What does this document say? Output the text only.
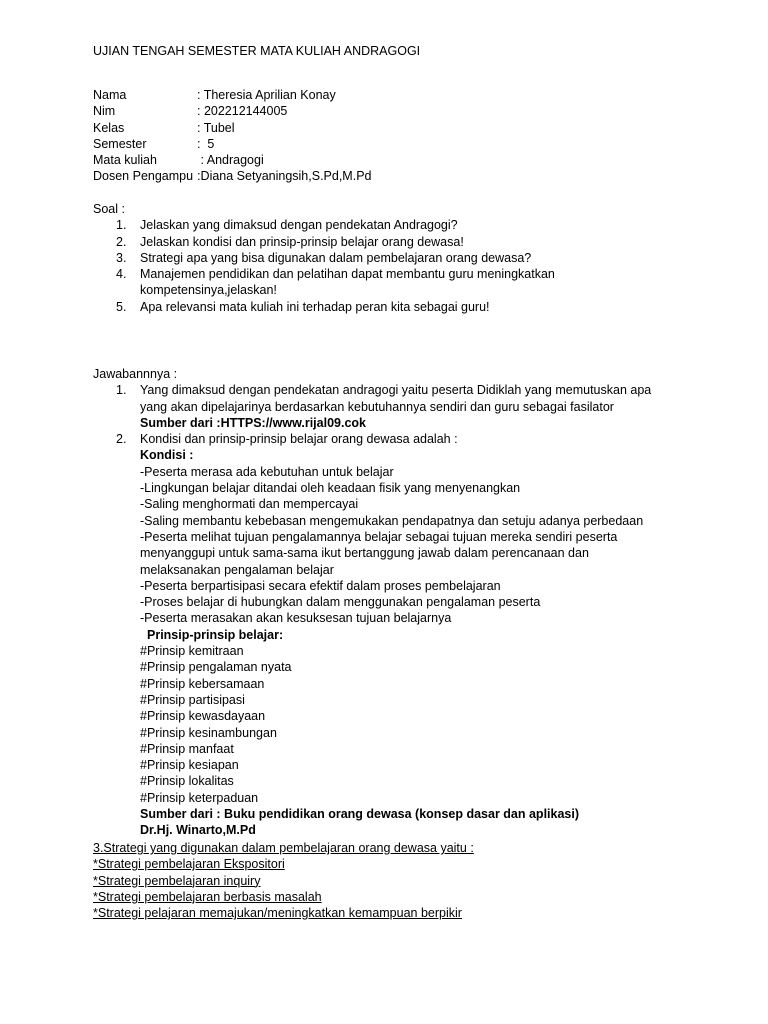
UJIAN TENGAH SEMESTER MATA KULIAH ANDRAGOGI
Nama	: Theresia Aprilian Konay
Nim	: 202212144005
Kelas	: Tubel
Semester	:  5
Mata kuliah	: Andragogi
Dosen Pengampu :Diana Setyaningsih,S.Pd,M.Pd
Soal :
1. Jelaskan yang dimaksud dengan pendekatan Andragogi?
2. Jelaskan kondisi dan prinsip-prinsip belajar orang dewasa!
3. Strategi apa yang bisa digunakan dalam pembelajaran orang dewasa?
4. Manajemen pendidikan dan pelatihan dapat membantu guru meningkatkan
kompetensinya,jelaskan!
5. Apa relevansi mata kuliah ini terhadap peran kita sebagai guru!
Jawabannnya :
1. Yang dimaksud dengan pendekatan andragogi yaitu peserta Didiklah yang memutuskan apa
yang akan dipelajarinya berdasarkan kebutuhannya sendiri dan guru sebagai fasilator
Sumber dari :HTTPS://www.rijal09.cok
2. Kondisi dan prinsip-prinsip belajar orang dewasa adalah :
Kondisi :
-Peserta merasa ada kebutuhan untuk belajar
-Lingkungan belajar ditandai oleh keadaan fisik yang menyenangkan
-Saling menghormati dan mempercayai
-Saling membantu kebebasan mengemukakan pendapatnya dan setuju adanya perbedaan
-Peserta melihat tujuan pengalamannya belajar sebagai tujuan mereka sendiri peserta
menyanggupi untuk sama-sama ikut bertanggung jawab dalam perencanaan dan
melaksanakan pengalaman belajar
-Peserta berpartisipasi secara efektif dalam proses pembelajaran
-Proses belajar di hubungkan dalam menggunakan pengalaman peserta
-Peserta merasakan akan kesuksesan tujuan belajarnya
Prinsip-prinsip belajar:
#Prinsip kemitraan
#Prinsip pengalaman nyata
#Prinsip kebersamaan
#Prinsip partisipasi
#Prinsip kewasdayaan
#Prinsip kesinambungan
#Prinsip manfaat
#Prinsip kesiapan
#Prinsip lokalitas
#Prinsip keterpaduan
Sumber dari : Buku pendidikan orang dewasa (konsep dasar dan aplikasi)
Dr.Hj. Winarto,M.Pd
3.Strategi yang digunakan dalam pembelajaran orang dewasa yaitu :
*Strategi pembelajaran Ekspositori
*Strategi pembelajaran inquiry
*Strategi pembelajaran berbasis masalah
*Strategi pelajaran memajukan/meningkatkan kemampuan berpikir
